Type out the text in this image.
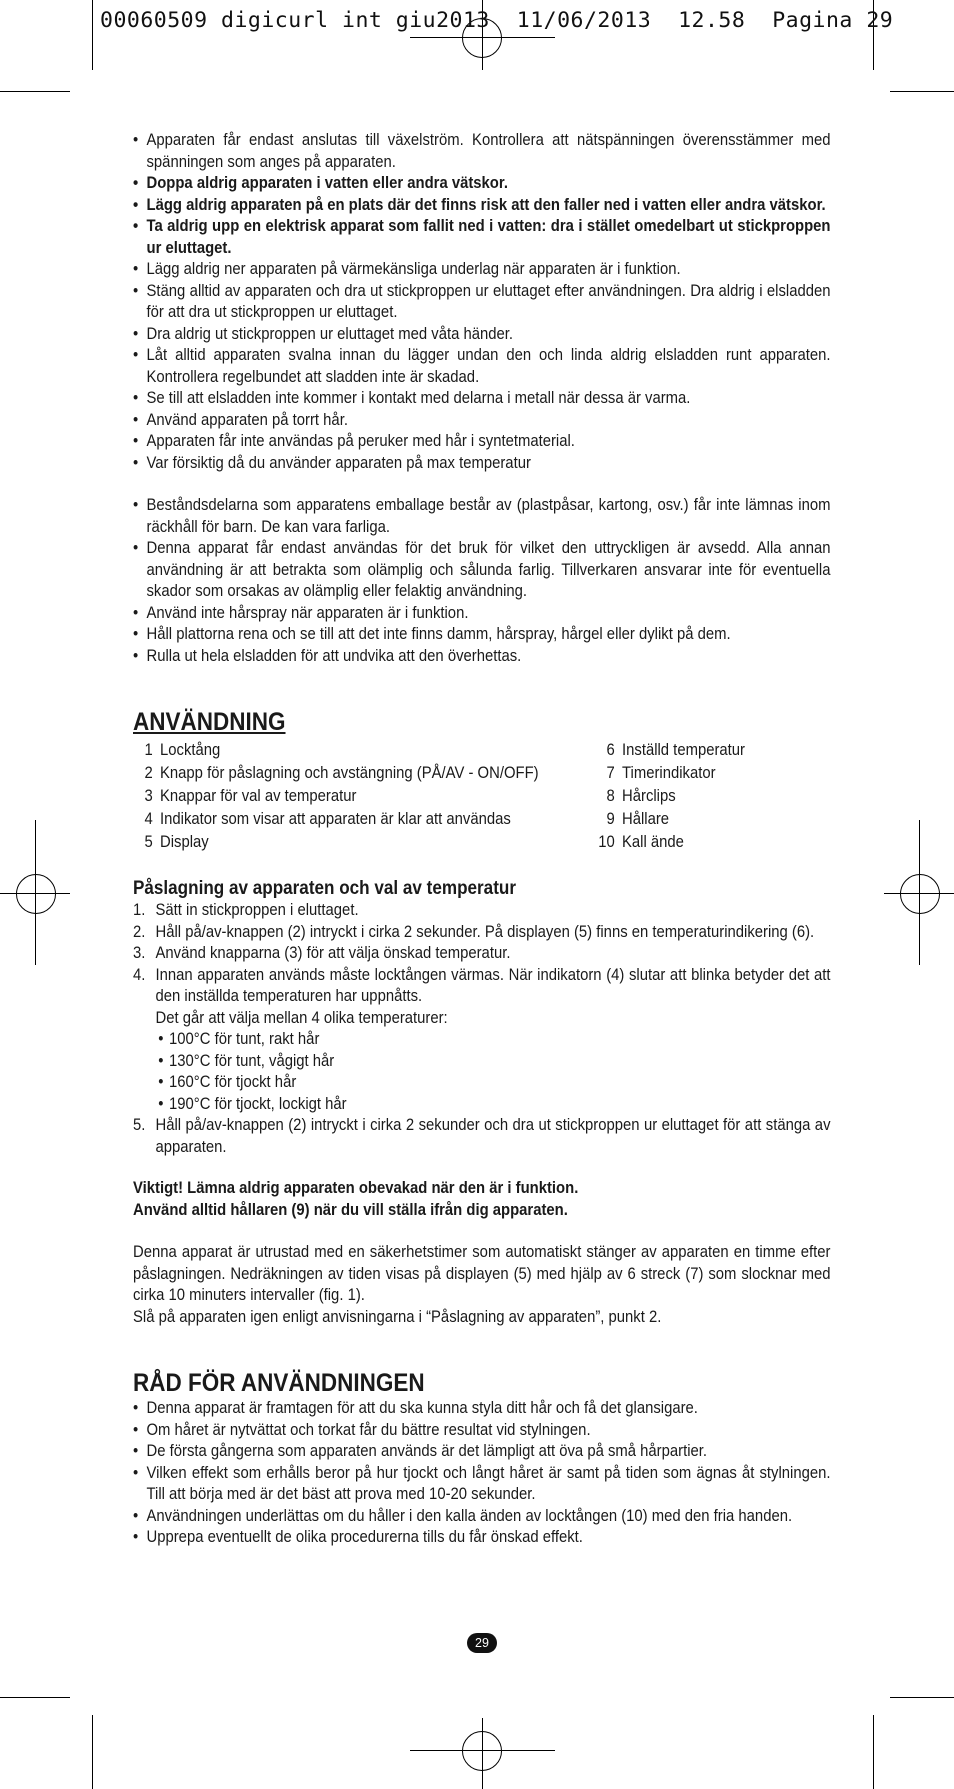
00060509 digicurl int giu2013  11/06/2013  12.58  Pagina 29
• Apparaten får endast anslutas till växelström. Kontrollera att nätspänningen överensstämmer med spänningen som anges på apparaten.
• Doppa aldrig apparaten i vatten eller andra vätskor.
• Lägg aldrig apparaten på en plats där det finns risk att den faller ned i vatten eller andra vätskor.
• Ta aldrig upp en elektrisk apparat som fallit ned i vatten: dra i stället omedelbart ut stickproppen ur eluttaget.
• Lägg aldrig ner apparaten på värmekänsliga underlag när apparaten är i funktion.
• Stäng alltid av apparaten och dra ut stickproppen ur eluttaget efter användningen. Dra aldrig i elsladden för att dra ut stickproppen ur eluttaget.
• Dra aldrig ut stickproppen ur eluttaget med våta händer.
• Låt alltid apparaten svalna innan du lägger undan den och linda aldrig elsladden runt apparaten. Kontrollera regelbundet att sladden inte är skadad.
• Se till att elsladden inte kommer i kontakt med delarna i metall när dessa är varma.
• Använd apparaten på torrt hår.
• Apparaten får inte användas på peruker med hår i syntetmaterial.
• Var försiktig då du använder apparaten på max temperatur
• Beståndsdelarna som apparatens emballage består av (plastpåsar, kartong, osv.) får inte lämnas inom räckhåll för barn. De kan vara farliga.
• Denna apparat får endast användas för det bruk för vilket den uttryckligen är avsedd. Alla annan användning är att betrakta som olämplig och sålunda farlig. Tillverkaren ansvarar inte för eventuella skador som orsakas av olämplig eller felaktig användning.
• Använd inte hårspray när apparaten är i funktion.
• Håll plattorna rena och se till att det inte finns damm, hårspray, hårgel eller dylikt på dem.
• Rulla ut hela elsladden för att undvika att den överhettas.
ANVÄNDNING
1 Locktång
2 Knapp för påslagning och avstängning (PÅ/AV - ON/OFF)
3 Knappar för val av temperatur
4 Indikator som visar att apparaten är klar att användas
5 Display
6 Inställd temperatur
7 Timerindikator
8 Hårclips
9 Hållare
10 Kall ände
Påslagning av apparaten och val av temperatur
1. Sätt in stickproppen i eluttaget.
2. Håll på/av-knappen (2) intryckt i cirka 2 sekunder. På displayen (5) finns en temperaturindikering (6).
3. Använd knapparna (3) för att välja önskad temperatur.
4. Innan apparaten används måste locktången värmas. När indikatorn (4) slutar att blinka betyder det att den inställda temperaturen har uppnåtts.
Det går att välja mellan 4 olika temperaturer:
• 100°C för tunt, rakt hår
• 130°C för tunt, vågigt hår
• 160°C för tjockt hår
• 190°C för tjockt, lockigt hår
5. Håll på/av-knappen (2) intryckt i cirka 2 sekunder och dra ut stickproppen ur eluttaget för att stänga av apparaten.
Viktigt! Lämna aldrig apparaten obevakad när den är i funktion.
Använd alltid hållaren (9) när du vill ställa ifrån dig apparaten.

Denna apparat är utrustad med en säkerhetstimer som automatiskt stänger av apparaten en timme efter påslagningen. Nedräkningen av tiden visas på displayen (5) med hjälp av 6 streck (7) som slocknar med cirka 10 minuters intervaller (fig. 1).

Slå på apparaten igen enligt anvisningarna i “Påslagning av apparaten”, punkt 2.

RÅD FÖR ANVÄNDNINGEN
• Denna apparat är framtagen för att du ska kunna styla ditt hår och få det glansigare.
• Om håret är nytvättat och torkat får du bättre resultat vid stylningen.
• De första gångerna som apparaten används är det lämpligt att öva på små hårpartier.
• Vilken effekt som erhålls beror på hur tjockt och långt håret är samt på tiden som ägnas åt stylningen. Till att börja med är det bäst att prova med 10-20 sekunder.
• Användningen underlättas om du håller i den kalla änden av locktången (10) med den fria handen.
• Upprepa eventuellt de olika procedurerna tills du får önskad effekt.
29
